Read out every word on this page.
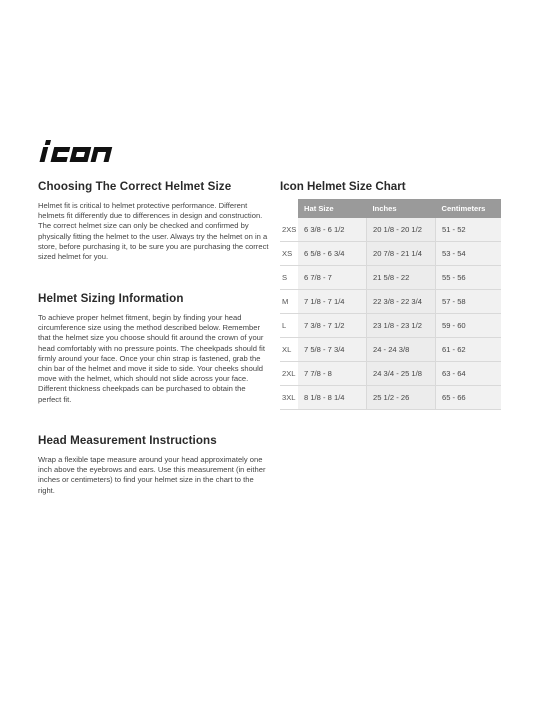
Choosing The Correct Helmet Size

Helmet fit is critical to helmet protective performance. Different helmets fit differently due to differences in design and construction. The correct helmet size can only be checked and confirmed by physically fitting the helmet to the user. Always try the helmet on in a store, before purchasing it, to be sure you are purchasing the correct sized helmet for you.

Helmet Sizing Information

To achieve proper helmet fitment, begin by finding your head circumference size using the method described below. Remember that the helmet size you choose should fit around the crown of your head comfortably with no pressure points. The cheekpads should fit firmly around your face. Once your chin strap is fastened, grab the chin bar of the helmet and move it side to side. Your cheeks should move with the helmet, which should not slide across your face. Different thickness cheekpads can be purchased to obtain the perfect fit.

Head Measurement Instructions

Wrap a flexible tape measure around your head approximately one inch above the eyebrows and ears. Use this measurement (in either inches or centimeters) to find your helmet size in the chart to the right.

Icon Helmet Size Chart
	Hat Size	Inches	Centimeters
2XS	6 3/8 - 6 1/2	20 1/8 - 20 1/2	51 - 52
XS	6 5/8 - 6 3/4	20 7/8 - 21 1/4	53 - 54
S	6 7/8 - 7	21 5/8 - 22	55 - 56
M	7 1/8 - 7 1/4	22 3/8 - 22 3/4	57 - 58
L	7 3/8 - 7 1/2	23 1/8 - 23 1/2	59 - 60
XL	7 5/8 - 7 3/4	24 - 24 3/8	61 - 62
2XL	7 7/8 - 8	24 3/4 - 25 1/8	63 - 64
3XL	8 1/8 - 8 1/4	25 1/2 - 26	65 - 66
